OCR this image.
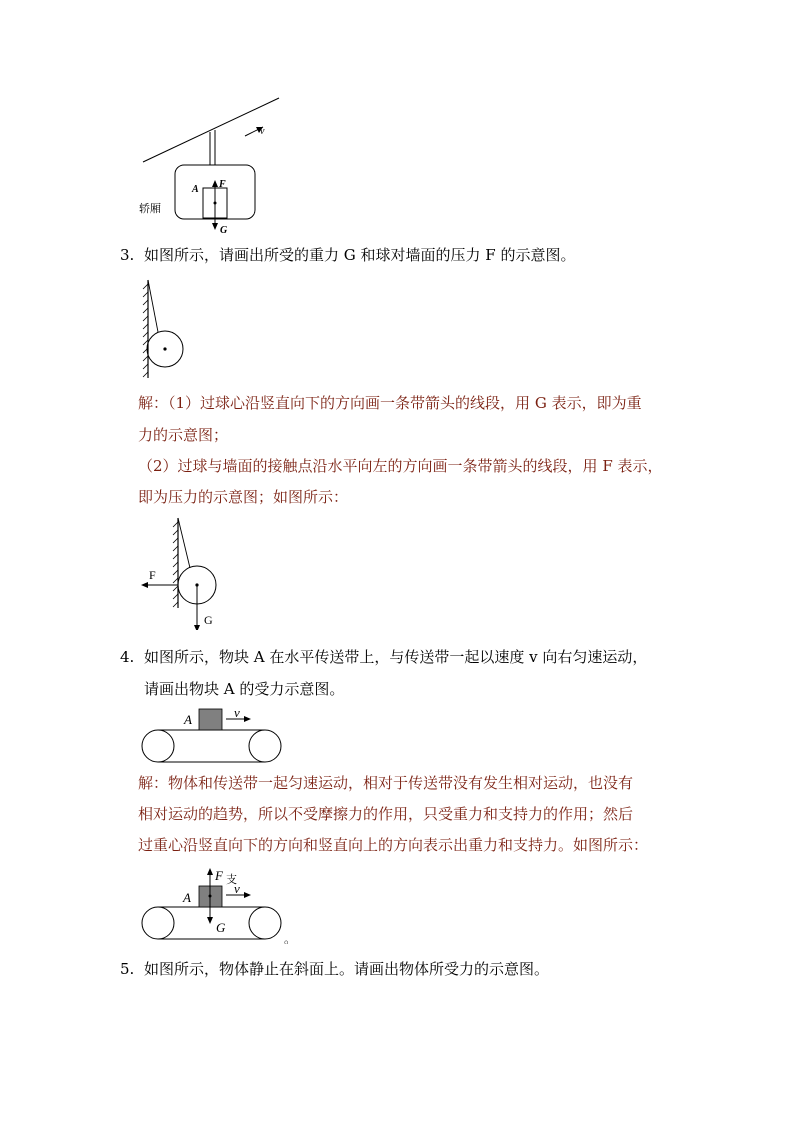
v
A F
G
轿厢
3. 如图所示，请画出所受的重力 G 和球对墙面的压力 F 的示意图。
解：（1）过球心沿竖直向下的方向画一条带箭头的线段，用 G 表示，即为重
力的示意图；
（2）过球与墙面的接触点沿水平向左的方向画一条带箭头的线段，用 F 表示，
即为压力的示意图；如图所示：
F
G
4. 如图所示，物块 A 在水平传送带上，与传送带一起以速度 v 向右匀速运动，
请画出物块 A 的受力示意图。
A	v
解：物体和传送带一起匀速运动，相对于传送带没有发生相对运动，也没有
相对运动的趋势，所以不受摩擦力的作用，只受重力和支持力的作用；然后
过重心沿竖直向下的方向和竖直向上的方向表示出重力和支持力。如图所示：
F 支
A
v
G
。
5. 如图所示，物体静止在斜面上。请画出物体所受力的示意图。
